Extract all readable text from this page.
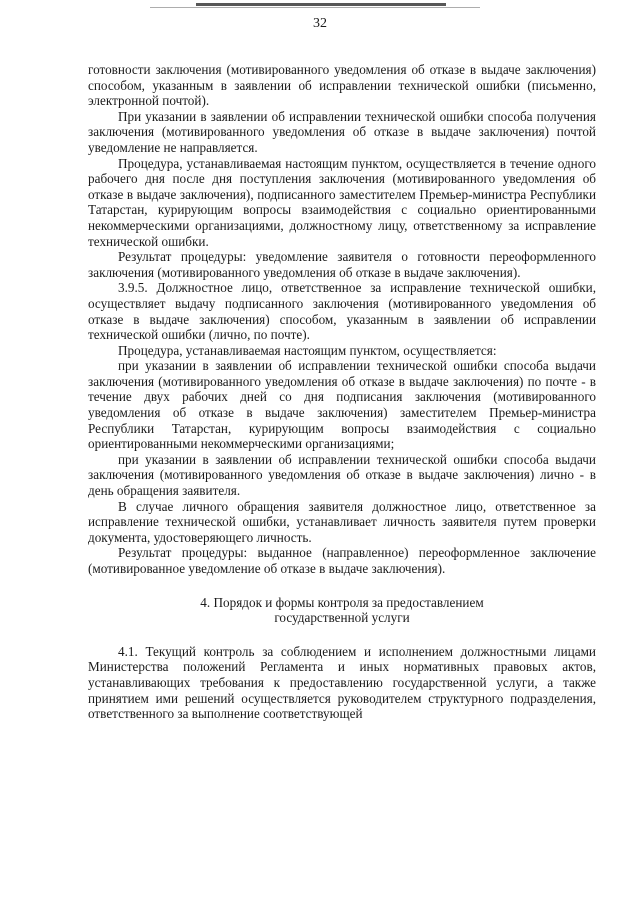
32

готовности заключения (мотивированного уведомления об отказе в выдаче заключения) способом, указанным в заявлении об исправлении технической ошибки (письменно, электронной почтой).

При указании в заявлении об исправлении технической ошибки способа получения заключения (мотивированного уведомления об отказе в выдаче заключения) почтой уведомление не направляется.

Процедура, устанавливаемая настоящим пунктом, осуществляется в течение одного рабочего дня после дня поступления заключения (мотивированного уведомления об отказе в выдаче заключения), подписанного заместителем Премьер-министра Республики Татарстан, курирующим вопросы взаимодействия с социально ориентированными некоммерческими организациями, должностному лицу, ответственному за исправление технической ошибки.

Результат процедуры: уведомление заявителя о готовности переоформленного заключения (мотивированного уведомления об отказе в выдаче заключения).

3.9.5. Должностное лицо, ответственное за исправление технической ошибки, осуществляет выдачу подписанного заключения (мотивированного уведомления об отказе в выдаче заключения) способом, указанным в заявлении об исправлении технической ошибки (лично, по почте).

Процедура, устанавливаемая настоящим пунктом, осуществляется:

при указании в заявлении об исправлении технической ошибки способа выдачи заключения (мотивированного уведомления об отказе в выдаче заключения) по почте - в течение двух рабочих дней со дня подписания заключения (мотивированного уведомления об отказе в выдаче заключения) заместителем Премьер-министра Республики Татарстан, курирующим вопросы взаимодействия с социально ориентированными некоммерческими организациями;

при указании в заявлении об исправлении технической ошибки способа выдачи заключения (мотивированного уведомления об отказе в выдаче заключения) лично - в день обращения заявителя.

В случае личного обращения заявителя должностное лицо, ответственное за исправление технической ошибки, устанавливает личность заявителя путем проверки документа, удостоверяющего личность.

Результат процедуры: выданное (направленное) переоформленное заключение (мотивированное уведомление об отказе в выдаче заключения).

4. Порядок и формы контроля за предоставлением
государственной услуги

4.1. Текущий контроль за соблюдением и исполнением должностными лицами Министерства положений Регламента и иных нормативных правовых актов, устанавливающих требования к предоставлению государственной услуги, а также принятием ими решений осуществляется руководителем структурного подразделения, ответственного за выполнение соответствующей
